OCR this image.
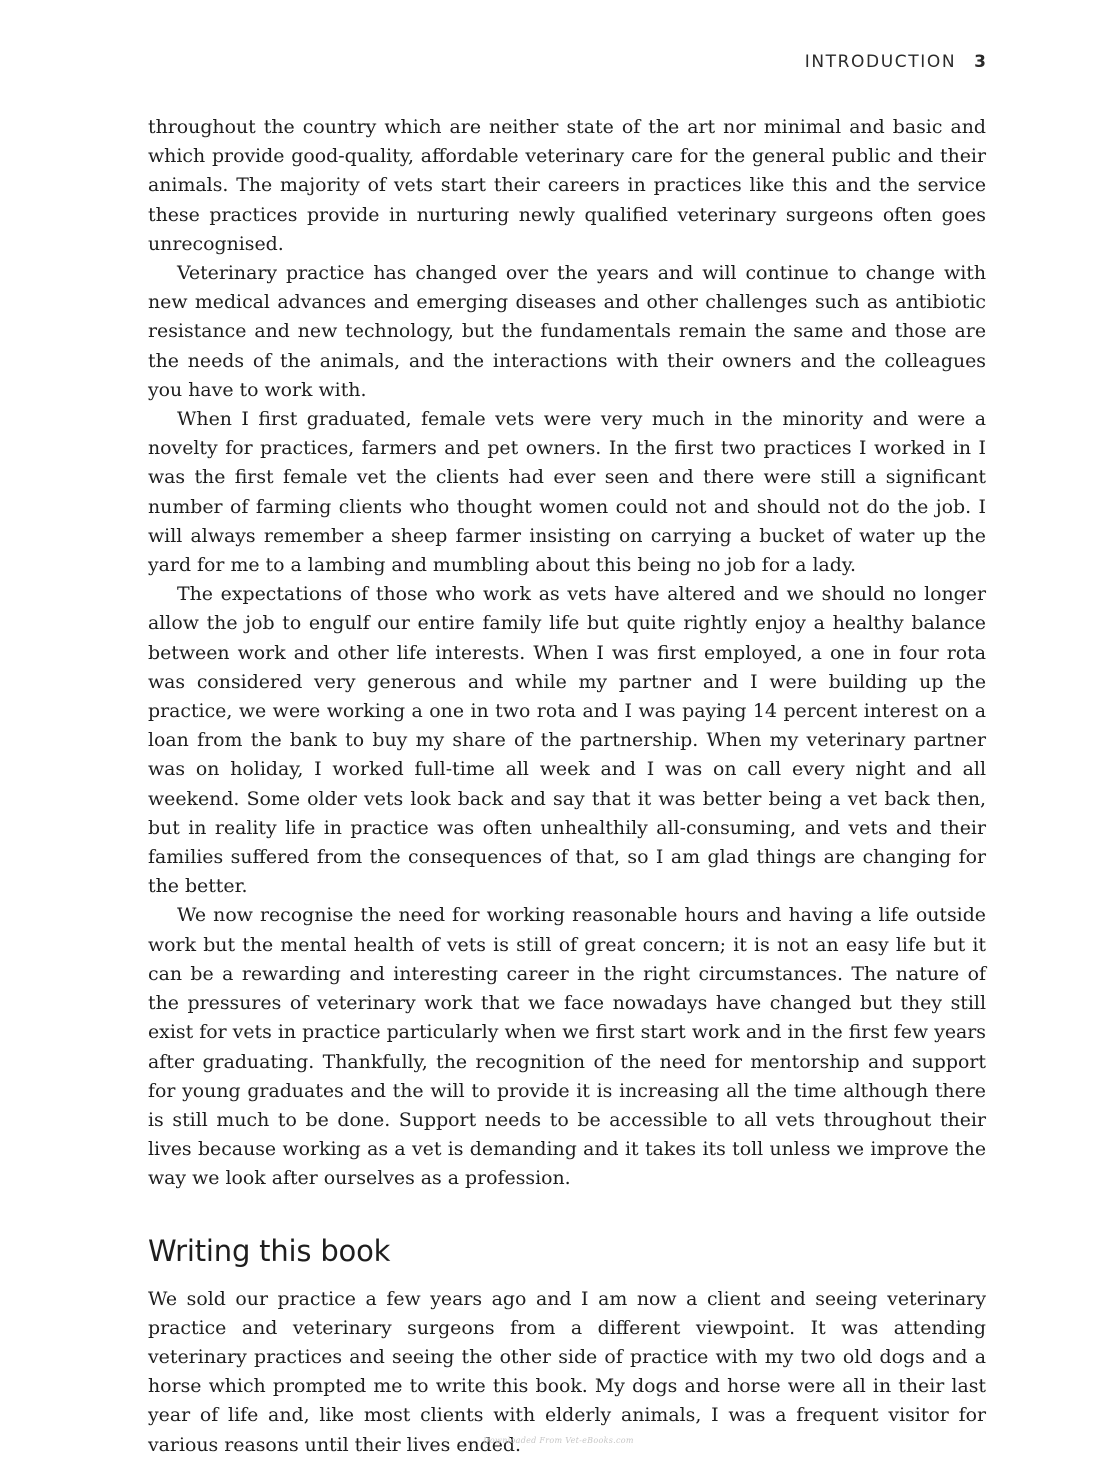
INTRODUCTION 3

throughout the country which are neither state of the art nor minimal and basic and which provide good-quality, affordable veterinary care for the general public and their animals. The majority of vets start their careers in practices like this and the service these practices provide in nurturing newly qualified veterinary surgeons often goes unrecognised.

Veterinary practice has changed over the years and will continue to change with new medical advances and emerging diseases and other challenges such as antibiotic resistance and new technology, but the fundamentals remain the same and those are the needs of the animals, and the interactions with their owners and the colleagues you have to work with.

When I first graduated, female vets were very much in the minority and were a novelty for practices, farmers and pet owners. In the first two practices I worked in I was the first female vet the clients had ever seen and there were still a significant number of farming clients who thought women could not and should not do the job. I will always remember a sheep farmer insisting on carrying a bucket of water up the yard for me to a lambing and mumbling about this being no job for a lady.

The expectations of those who work as vets have altered and we should no longer allow the job to engulf our entire family life but quite rightly enjoy a healthy balance between work and other life interests. When I was first employed, a one in four rota was considered very generous and while my partner and I were building up the practice, we were working a one in two rota and I was paying 14 percent interest on a loan from the bank to buy my share of the partnership. When my veterinary partner was on holiday, I worked full-time all week and I was on call every night and all weekend. Some older vets look back and say that it was better being a vet back then, but in reality life in practice was often unhealthily all-consuming, and vets and their families suffered from the consequences of that, so I am glad things are changing for the better.

We now recognise the need for working reasonable hours and having a life outside work but the mental health of vets is still of great concern; it is not an easy life but it can be a rewarding and interesting career in the right circumstances. The nature of the pressures of veterinary work that we face nowadays have changed but they still exist for vets in practice particularly when we first start work and in the first few years after graduating. Thankfully, the recognition of the need for mentorship and support for young graduates and the will to provide it is increasing all the time although there is still much to be done. Support needs to be accessible to all vets throughout their lives because working as a vet is demanding and it takes its toll unless we improve the way we look after ourselves as a profession.

Writing this book

We sold our practice a few years ago and I am now a client and seeing veterinary practice and veterinary surgeons from a different viewpoint. It was attending veterinary practices and seeing the other side of practice with my two old dogs and a horse which prompted me to write this book. My dogs and horse were all in their last year of life and, like most clients with elderly animals, I was a frequent visitor for various reasons until their lives ended.

Downloaded From Vet-eBooks.com
